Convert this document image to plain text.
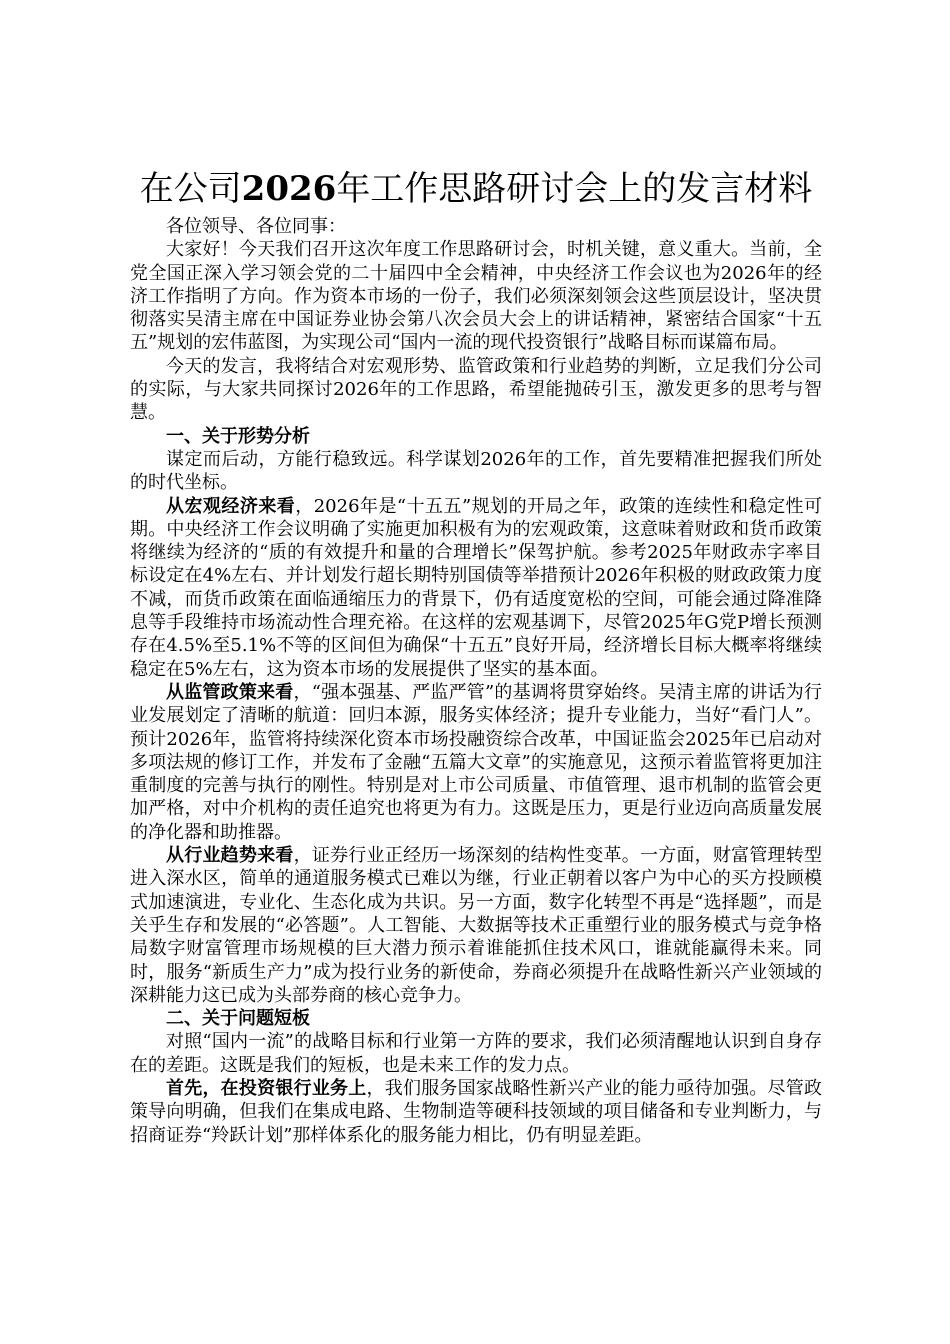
在公司2026年工作思路研讨会上的发言材料

各位领导、各位同事：

大家好！今天我们召开这次年度工作思路研讨会，时机关键，意义重大。当前，全党全国正深入学习领会党的二十届四中全会精神，中央经济工作会议也为2026年的经济工作指明了方向。作为资本市场的一份子，我们必须深刻领会这些顶层设计，坚决贯彻落实吴清主席在中国证券业协会第八次会员大会上的讲话精神，紧密结合国家“十五五”规划的宏伟蓝图，为实现公司“国内一流的现代投资银行”战略目标而谋篇布局。

今天的发言，我将结合对宏观形势、监管政策和行业趋势的判断，立足我们分公司的实际，与大家共同探讨2026年的工作思路，希望能抛砖引玉，激发更多的思考与智慧。

一、关于形势分析

谋定而后动，方能行稳致远。科学谋划2026年的工作，首先要精准把握我们所处的时代坐标。

从宏观经济来看，2026年是“十五五”规划的开局之年，政策的连续性和稳定性可期。中央经济工作会议明确了实施更加积极有为的宏观政策，这意味着财政和货币政策将继续为经济的“质的有效提升和量的合理增长”保驾护航。参考2025年财政赤字率目标设定在4%左右、并计划发行超长期特别国债等举措预计2026年积极的财政政策力度不减，而货币政策在面临通缩压力的背景下，仍有适度宽松的空间，可能会通过降准降息等手段维持市场流动性合理充裕。在这样的宏观基调下，尽管2025年G党P增长预测存在4.5%至5.1%不等的区间但为确保“十五五”良好开局，经济增长目标大概率将继续稳定在5%左右，这为资本市场的发展提供了坚实的基本面。

从监管政策来看，“强本强基、严监严管”的基调将贯穿始终。吴清主席的讲话为行业发展划定了清晰的航道：回归本源，服务实体经济；提升专业能力，当好“看门人”。预计2026年，监管将持续深化资本市场投融资综合改革，中国证监会2025年已启动对多项法规的修订工作，并发布了金融“五篇大文章”的实施意见，这预示着监管将更加注重制度的完善与执行的刚性。特别是对上市公司质量、市值管理、退市机制的监管会更加严格，对中介机构的责任追究也将更为有力。这既是压力，更是行业迈向高质量发展的净化器和助推器。

从行业趋势来看，证券行业正经历一场深刻的结构性变革。一方面，财富管理转型进入深水区，简单的通道服务模式已难以为继，行业正朝着以客户为中心的买方投顾模式加速演进，专业化、生态化成为共识。另一方面，数字化转型不再是“选择题”，而是关乎生存和发展的“必答题”。人工智能、大数据等技术正重塑行业的服务模式与竞争格局数字财富管理市场规模的巨大潜力预示着谁能抓住技术风口，谁就能赢得未来。同时，服务“新质生产力”成为投行业务的新使命，券商必须提升在战略性新兴产业领域的深耕能力这已成为头部券商的核心竞争力。

二、关于问题短板

对照“国内一流”的战略目标和行业第一方阵的要求，我们必须清醒地认识到自身存在的差距。这既是我们的短板，也是未来工作的发力点。

首先，在投资银行业务上，我们服务国家战略性新兴产业的能力亟待加强。尽管政策导向明确，但我们在集成电路、生物制造等硬科技领域的项目储备和专业判断力，与招商证券“羚跃计划”那样体系化的服务能力相比，仍有明显差距。
